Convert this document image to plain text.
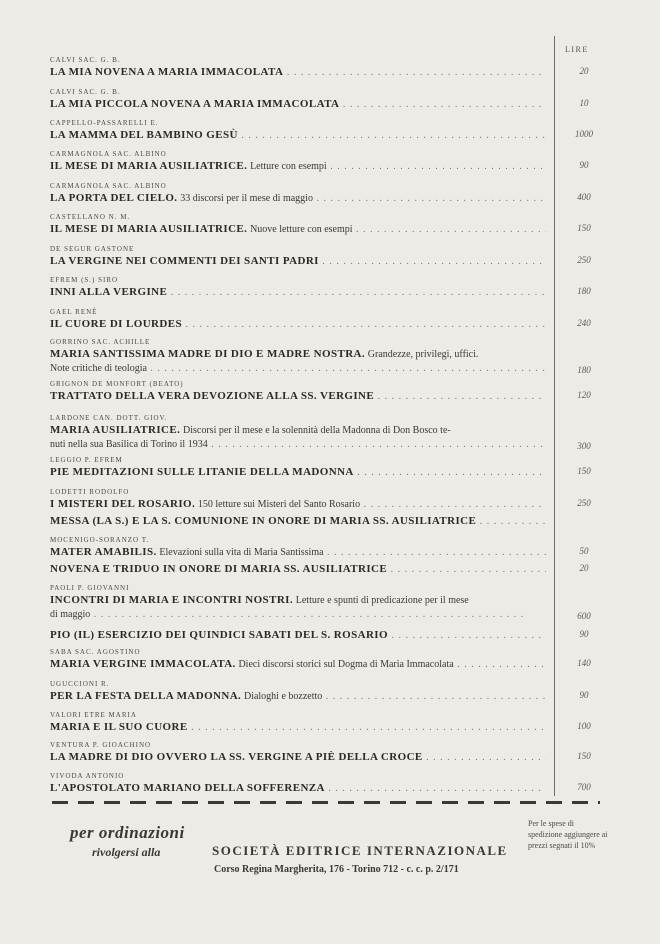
LIRE
CALVI SAC. G. B.
LA MIA NOVENA A MARIA IMMACOLATA . . .	20
CALVI SAC. G. B.
LA MIA PICCOLA NOVENA A MARIA IMMACOLATA . . .	10
CAPPELLO-PASSARELLI E.
LA MAMMA DEL BAMBINO GESÙ . . .	1000
CARMAGNOLA SAC. ALBINO
IL MESE DI MARIA AUSILIATRICE. Letture con esempi . . .	90
CARMAGNOLA SAC. ALBINO
LA PORTA DEL CIELO. 33 discorsi per il mese di maggio . . .	400
CASTELLANO N. M.
IL MESE DI MARIA AUSILIATRICE. Nuove letture con esempi . . .	150
DE SEGUR GASTONE
LA VERGINE NEI COMMENTI DEI SANTI PADRI . . .	250
EFREM (S.) SIRO
INNI ALLA VERGINE . . .	180
GAEL RENÉ
IL CUORE DI LOURDES . . .	240
GORRINO SAC. ACHILLE
MARIA SANTISSIMA MADRE DI DIO E MADRE NOSTRA. Grandezze, privilegi, uffici.
Note critiche di teologia . . .	180
GRIGNON DE MONFORT (BEATO)
TRATTATO DELLA VERA DEVOZIONE ALLA SS. VERGINE . . .	120
LARDONE CAN. DOTT. GIOV.
MARIA AUSILIATRICE. Discorsi per il mese e la solennità della Madonna di Don Bosco te-
nuti nella sua Basilica di Torino il 1934 . . .	300
LEGGIO P. EFREM
PIE MEDITAZIONI SULLE LITANIE DELLA MADONNA . . .	150
LODETTI RODOLFO
I MISTERI DEL ROSARIO. 150 letture sui Misteri del Santo Rosario . . .	250
MESSA (LA S.) E LA S. COMUNIONE IN ONORE DI MARIA SS. AUSILIATRICE . . .
MOCENIGO-SORANZO T.
MATER AMABILIS. Elevazioni sulla vita di Maria Santissima . . .	50
NOVENA E TRIDUO IN ONORE DI MARIA SS. AUSILIATRICE . . .	20
PAOLI P. GIOVANNI
INCONTRI DI MARIA E INCONTRI NOSTRI. Letture e spunti di predicazione per il mese
di maggio . . .	600
PIO (IL) ESERCIZIO DEI QUINDICI SABATI DEL S. ROSARIO . . .	90
SABA SAC. AGOSTINO
MARIA VERGINE IMMACOLATA. Dieci discorsi storici sul Dogma di Maria Immacolata . . .	140
UGUCCIONI R.
PER LA FESTA DELLA MADONNA. Dialoghi e bozzetto . . .	90
VALORI ETRE MARIA
MARIA E IL SUO CUORE . . .	100
VENTURA P. GIOACHINO
LA MADRE DI DIO OVVERO LA SS. VERGINE A PIÈ DELLA CROCE . . .	150
VIVODA ANTONIO
L'APOSTOLATO MARIANO DELLA SOFFERENZA . . .	700
per ordinazioni
rivolgersi alla	SOCIETÀ EDITRICE INTERNAZIONALE
Corso Regina Margherita, 176 - Torino 712 - c. c. p. 2/171
Per le spese di spedizione aggiungere ai prezzi segnati il 10%
